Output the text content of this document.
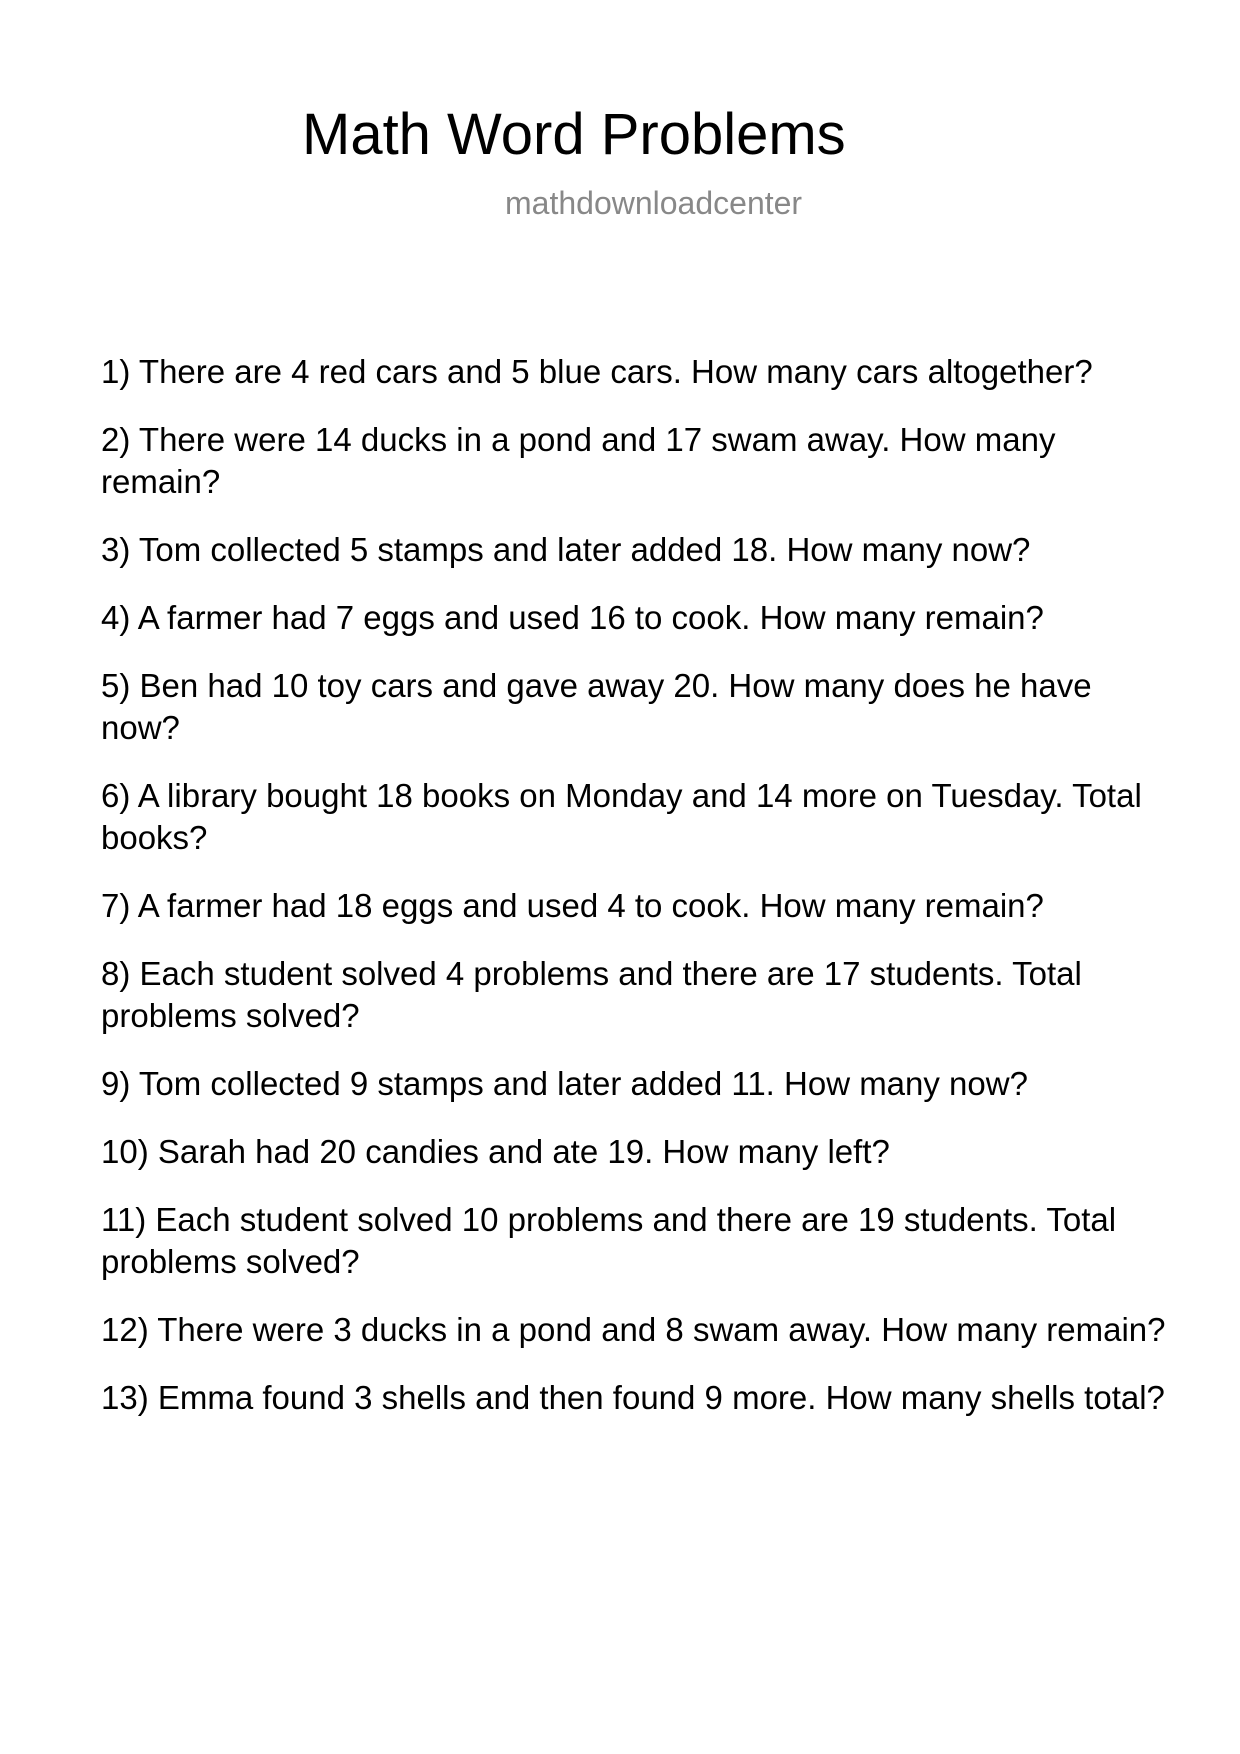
Math Word Problems
mathdownloadcenter
1) There are 4 red cars and 5 blue cars. How many cars altogether?
2) There were 14 ducks in a pond and 17 swam away. How many remain?
3) Tom collected 5 stamps and later added 18. How many now?
4) A farmer had 7 eggs and used 16 to cook. How many remain?
5) Ben had 10 toy cars and gave away 20. How many does he have now?
6) A library bought 18 books on Monday and 14 more on Tuesday. Total books?
7) A farmer had 18 eggs and used 4 to cook. How many remain?
8) Each student solved 4 problems and there are 17 students. Total problems solved?
9) Tom collected 9 stamps and later added 11. How many now?
10) Sarah had 20 candies and ate 19. How many left?
11) Each student solved 10 problems and there are 19 students. Total problems solved?
12) There were 3 ducks in a pond and 8 swam away. How many remain?
13) Emma found 3 shells and then found 9 more. How many shells total?
